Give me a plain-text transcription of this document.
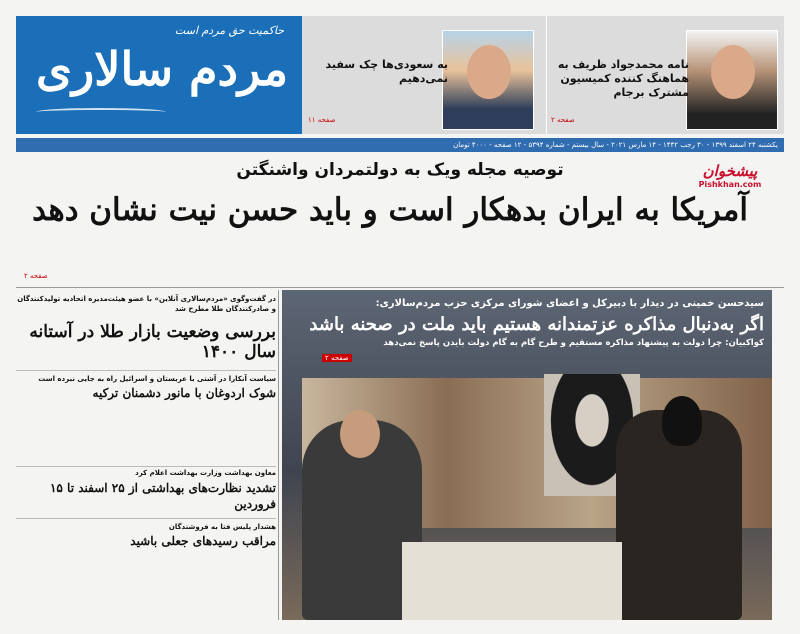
حاکمیت حق مردم است
مردم سالاری	به سعودی‌ها چک سفید نمی‌دهیم
صفحه ۱۱
نامه محمدجواد ظریف به هماهنگ کننده کمیسیون مشترک برجام
صفحه ۲
یکشنبه ۲۴ اسفند ۱۳۹۹ - ۳۰ رجب ۱۴۴۲ - ۱۴ مارس ۲۰۲۱ - سال بیستم - شماره ۵۳۹۴ - ۱۲ صفحه - ۴۰۰۰ تومان
توصیه مجله ویک به دولتمردان واشنگتن	پیشخوان
Pishkhan.com
آمریکا به ایران بدهکار است و باید حسن نیت نشان دهد
صفحه ۲
در گفت‌وگوی «مردم‌سالاری آنلاین» با عضو هیئت‌مدیره اتحادیه تولیدکنندگان و صادرکنندگان طلا مطرح شد
بررسی وضعیت بازار طلا در آستانه سال ۱۴۰۰
سیاست آنکارا در آشتی با عربستان و اسرائیل راه به جایی نبرده است
شوک اردوغان با مانور دشمنان ترکیه
معاون بهداشت وزارت بهداشت اعلام کرد
تشدید نظارت‌های بهداشتی از ۲۵ اسفند تا ۱۵ فروردین
هشدار پلیس فتا به فروشندگان
مراقب رسیدهای جعلی باشید
سیدحسن خمینی در دیدار با دبیرکل و اعضای شورای مرکزی حزب مردم‌سالاری:
اگر به‌دنبال مذاکره عزتمندانه هستیم باید ملت در صحنه باشد
کواکبیان: چرا دولت به پیشنهاد مذاکره مستقیم و طرح گام به گام دولت بایدن پاسخ نمی‌دهد
صفحه ۲
